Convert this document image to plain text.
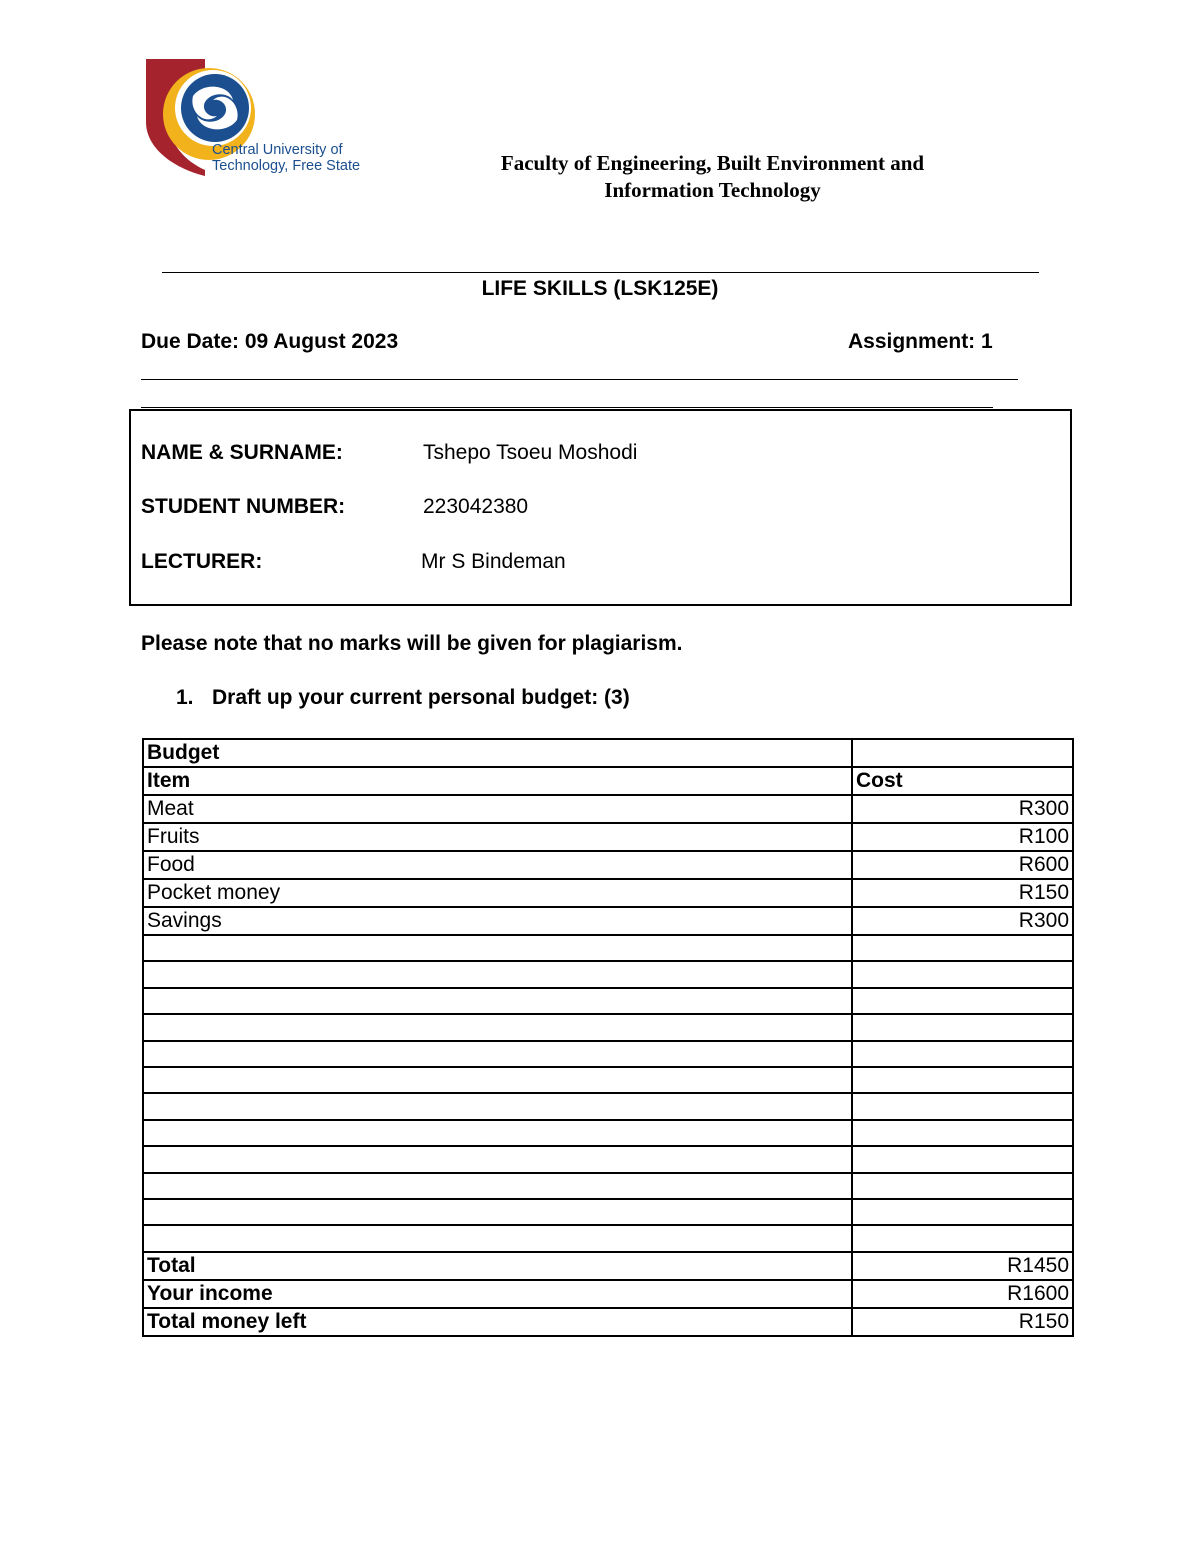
Central University of
Technology, Free State	Faculty of Engineering, Built Environment and
Information Technology
LIFE SKILLS (LSK125E)
Due Date: 09 August 2023	Assignment: 1
NAME & SURNAME:	Tshepo Tsoeu Moshodi
STUDENT NUMBER:	223042380
LECTURER:	Mr S Bindeman
Please note that no marks will be given for plagiarism.
1. Draft up your current personal budget: (3)
Budget	
Item	Cost
Meat	R300
Fruits	R100
Food	R600
Pocket money	R150
Savings	R300

Total	R1450
Your income	R1600
Total money left	R150
